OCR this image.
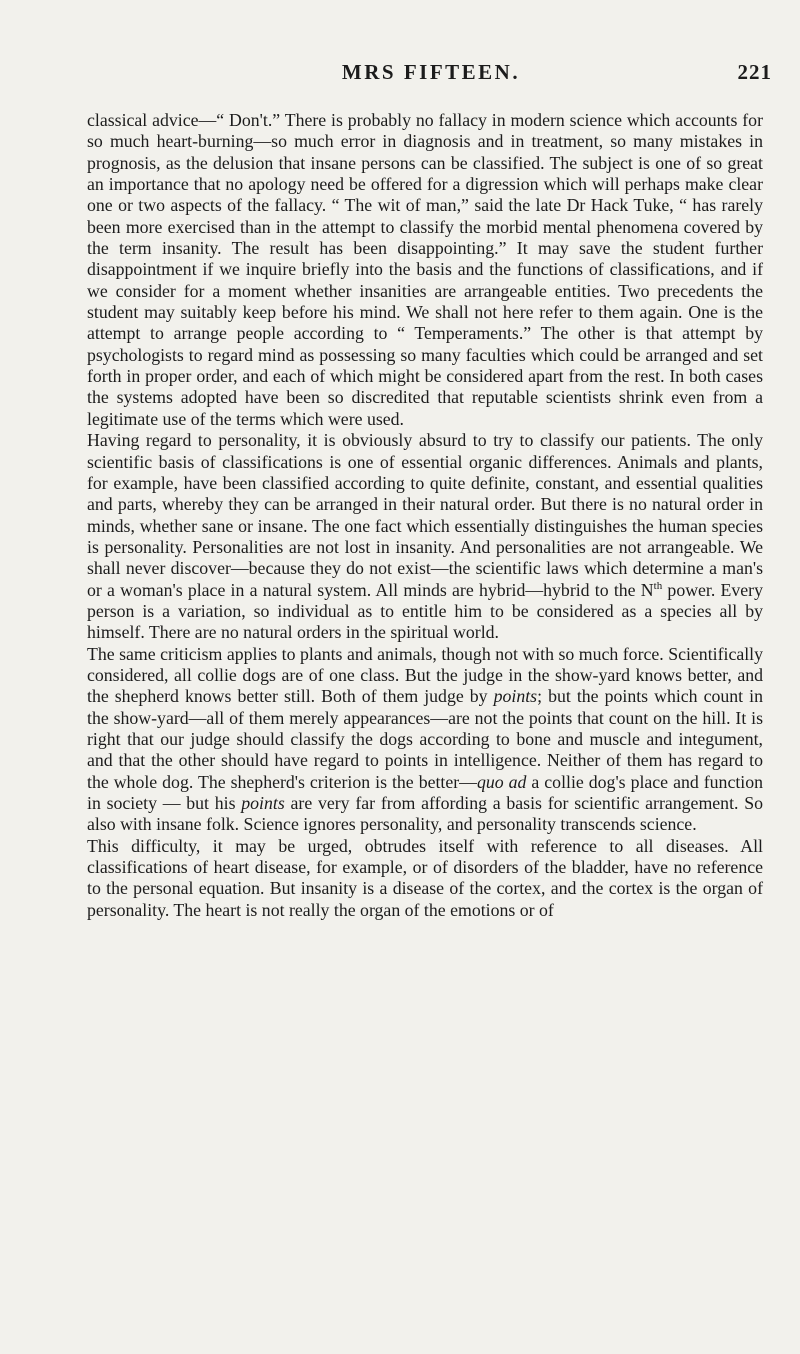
MRS FIFTEEN.	221

classical advice—“ Don't.” There is probably no fallacy in modern science which accounts for so much heart-burning—so much error in diagnosis and in treatment, so many mistakes in prognosis, as the delusion that insane persons can be classified. The subject is one of so great an importance that no apology need be offered for a digression which will perhaps make clear one or two aspects of the fallacy. “ The wit of man,” said the late Dr Hack Tuke, “ has rarely been more exercised than in the attempt to classify the morbid mental phenomena covered by the term insanity. The result has been disappointing.” It may save the student further disappointment if we inquire briefly into the basis and the functions of classifications, and if we consider for a moment whether insanities are arrangeable entities. Two precedents the student may suitably keep before his mind. We shall not here refer to them again. One is the attempt to arrange people according to “ Temperaments.” The other is that attempt by psychologists to regard mind as possessing so many faculties which could be arranged and set forth in proper order, and each of which might be considered apart from the rest. In both cases the systems adopted have been so discredited that reputable scientists shrink even from a legitimate use of the terms which were used.

Having regard to personality, it is obviously absurd to try to classify our patients. The only scientific basis of classifications is one of essential organic differences. Animals and plants, for example, have been classified according to quite definite, constant, and essential qualities and parts, whereby they can be arranged in their natural order. But there is no natural order in minds, whether sane or insane. The one fact which essentially distinguishes the human species is personality. Personalities are not lost in insanity. And personalities are not arrangeable. We shall never discover—because they do not exist—the scientific laws which determine a man's or a woman's place in a natural system. All minds are hybrid—hybrid to the $N^{th}$ power. Every person is a variation, so individual as to entitle him to be considered as a species all by himself. There are no natural orders in the spiritual world.

The same criticism applies to plants and animals, though not with so much force. Scientifically considered, all collie dogs are of one class. But the judge in the show-yard knows better, and the shepherd knows better still. Both of them judge by points; but the points which count in the show-yard—all of them merely appearances—are not the points that count on the hill. It is right that our judge should classify the dogs according to bone and muscle and integument, and that the other should have regard to points in intelligence. Neither of them has regard to the whole dog. The shepherd's criterion is the better—quo ad a collie dog's place and function in society — but his points are very far from affording a basis for scientific arrangement. So also with insane folk. Science ignores personality, and personality transcends science.

This difficulty, it may be urged, obtrudes itself with reference to all diseases. All classifications of heart disease, for example, or of disorders of the bladder, have no reference to the personal equation. But insanity is a disease of the cortex, and the cortex is the organ of personality. The heart is not really the organ of the emotions or of
